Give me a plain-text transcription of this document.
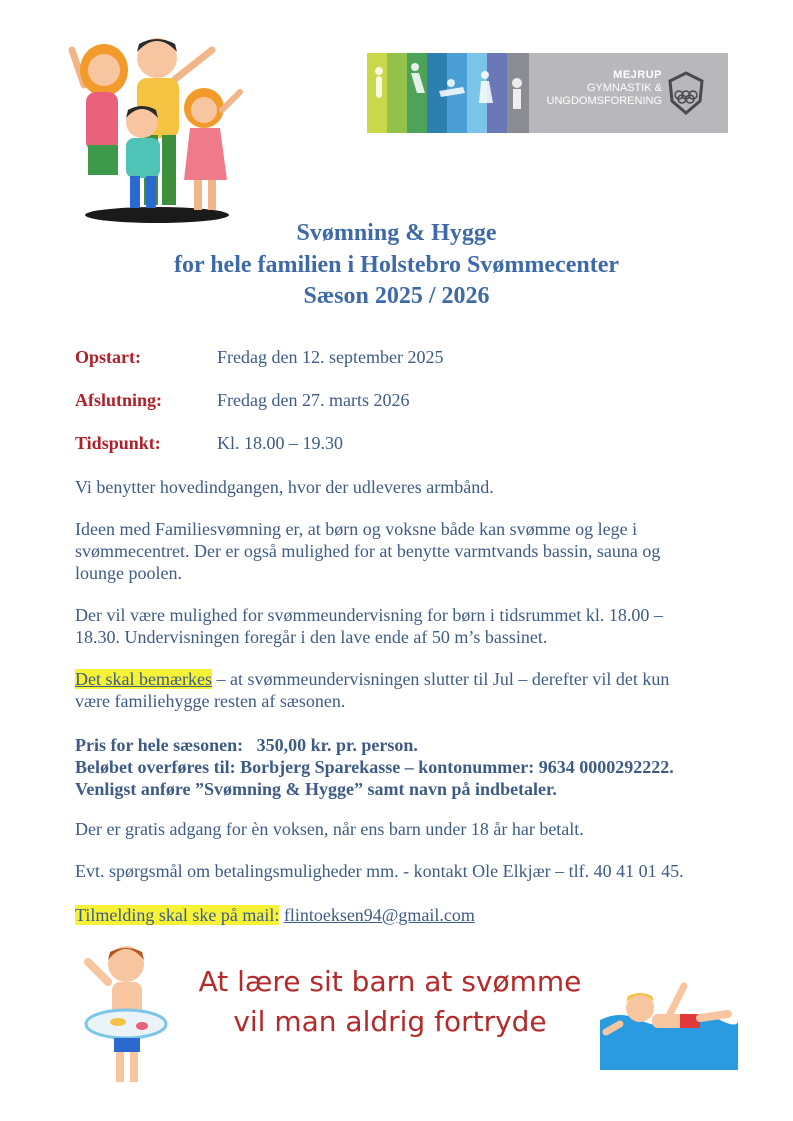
MEJRUP
GYMNASTIK &
UNGDOMSFORENING
Svømning & Hygge
for hele familien i Holstebro Svømmecenter
Sæson 2025 / 2026
Opstart:	Fredag den 12. september 2025
Afslutning:	Fredag den 27. marts 2026
Tidspunkt:	Kl. 18.00 – 19.30
Vi benytter hovedindgangen, hvor der udleveres armbånd.
Ideen med Familiesvømning er, at børn og voksne både kan svømme og lege i
svømmecentret. Der er også mulighed for at benytte varmtvands bassin, sauna og
lounge poolen.
Der vil være mulighed for svømmeundervisning for børn i tidsrummet kl. 18.00 –
18.30. Undervisningen foregår i den lave ende af 50 m’s bassinet.
Det skal bemærkes – at svømmeundervisningen slutter til Jul – derefter vil det kun
være familiehygge resten af sæsonen.
Pris for hele sæsonen:   350,00 kr. pr. person.
Beløbet overføres til: Borbjerg Sparekasse – kontonummer: 9634 0000292222.
Venligst anføre ”Svømning & Hygge” samt navn på indbetaler.
Der er gratis adgang for èn voksen, når ens barn under 18 år har betalt.
Evt. spørgsmål om betalingsmuligheder mm. - kontakt Ole Elkjær – tlf. 40 41 01 45.
Tilmelding skal ske på mail: flintoeksen94@gmail.com
At lære sit barn at svømme
vil man aldrig fortryde
